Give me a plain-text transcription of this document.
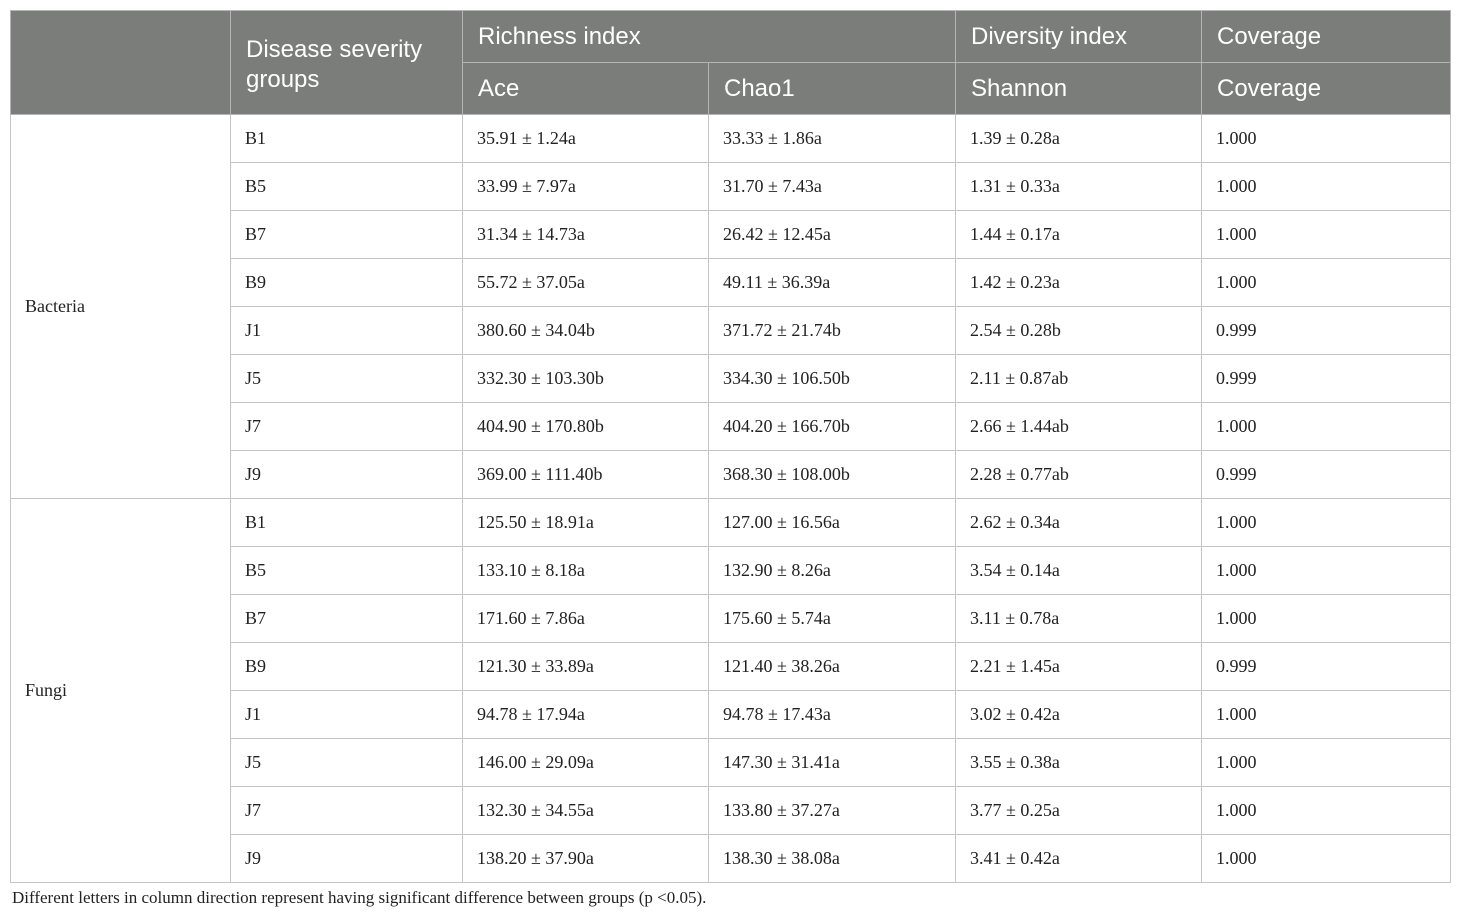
	Disease severity groups	Richness index		Diversity index	Coverage
		Ace	Chao1	Shannon	Coverage
Bacteria	B1	35.91 ± 1.24a	33.33 ± 1.86a	1.39 ± 0.28a	1.000
	B5	33.99 ± 7.97a	31.70 ± 7.43a	1.31 ± 0.33a	1.000
	B7	31.34 ± 14.73a	26.42 ± 12.45a	1.44 ± 0.17a	1.000
	B9	55.72 ± 37.05a	49.11 ± 36.39a	1.42 ± 0.23a	1.000
	J1	380.60 ± 34.04b	371.72 ± 21.74b	2.54 ± 0.28b	0.999
	J5	332.30 ± 103.30b	334.30 ± 106.50b	2.11 ± 0.87ab	0.999
	J7	404.90 ± 170.80b	404.20 ± 166.70b	2.66 ± 1.44ab	1.000
	J9	369.00 ± 111.40b	368.30 ± 108.00b	2.28 ± 0.77ab	0.999
Fungi	B1	125.50 ± 18.91a	127.00 ± 16.56a	2.62 ± 0.34a	1.000
	B5	133.10 ± 8.18a	132.90 ± 8.26a	3.54 ± 0.14a	1.000
	B7	171.60 ± 7.86a	175.60 ± 5.74a	3.11 ± 0.78a	1.000
	B9	121.30 ± 33.89a	121.40 ± 38.26a	2.21 ± 1.45a	0.999
	J1	94.78 ± 17.94a	94.78 ± 17.43a	3.02 ± 0.42a	1.000
	J5	146.00 ± 29.09a	147.30 ± 31.41a	3.55 ± 0.38a	1.000
	J7	132.30 ± 34.55a	133.80 ± 37.27a	3.77 ± 0.25a	1.000
	J9	138.20 ± 37.90a	138.30 ± 38.08a	3.41 ± 0.42a	1.000
Different letters in column direction represent having significant difference between groups (p <0.05).
